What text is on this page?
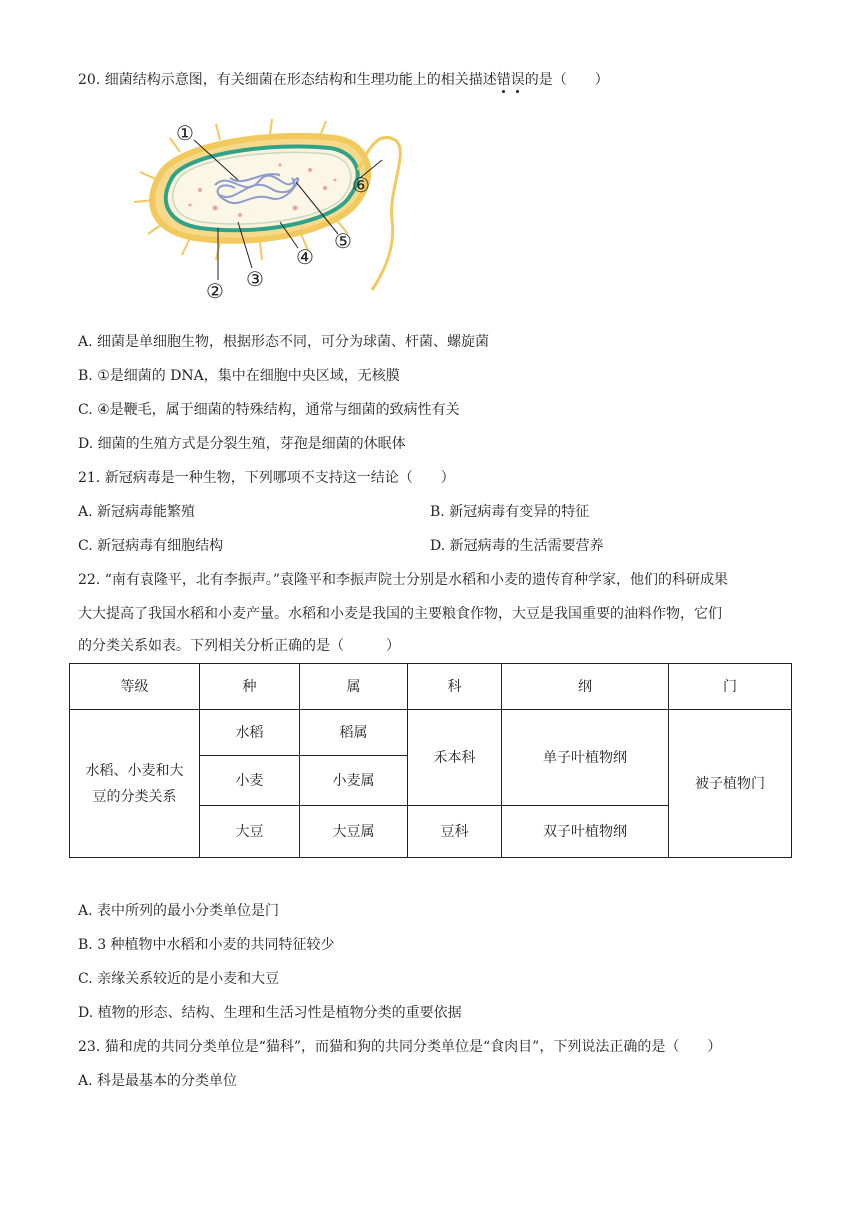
20. 细菌结构示意图，有关细菌在形态结构和生理功能上的相关描述错误的是（　　）
①
② ③
④
⑤
⑥
A. 细菌是单细胞生物，根据形态不同，可分为球菌、杆菌、螺旋菌
B. ①是细菌的 DNA，集中在细胞中央区域，无核膜
C. ④是鞭毛，属于细菌的特殊结构，通常与细菌的致病性有关
D. 细菌的生殖方式是分裂生殖，芽孢是细菌的休眠体
21. 新冠病毒是一种生物，下列哪项不支持这一结论（　　）
A. 新冠病毒能繁殖	B. 新冠病毒有变异的特征
C. 新冠病毒有细胞结构	D. 新冠病毒的生活需要营养
22. “南有袁隆平，北有李振声。”袁隆平和李振声院士分别是水稻和小麦的遗传育种学家，他们的科研成果
大大提高了我国水稻和小麦产量。水稻和小麦是我国的主要粮食作物，大豆是我国重要的油料作物，它们
的分类关系如表。下列相关分析正确的是（　　　）
等级	种	属	科	纲	门

水稻、小麦和大
豆的分类关系	水稻	稻属	禾本科	单子叶植物纲	被子植物门
	小麦	小麦属			
	大豆	大豆属	豆科	双子叶植物纲	
A. 表中所列的最小分类单位是门
B. 3 种植物中水稻和小麦的共同特征较少
C. 亲缘关系较近的是小麦和大豆
D. 植物的形态、结构、生理和生活习性是植物分类的重要依据
23. 猫和虎的共同分类单位是“猫科”，而猫和狗的共同分类单位是“食肉目”，下列说法正确的是（　　）
A. 科是最基本的分类单位
